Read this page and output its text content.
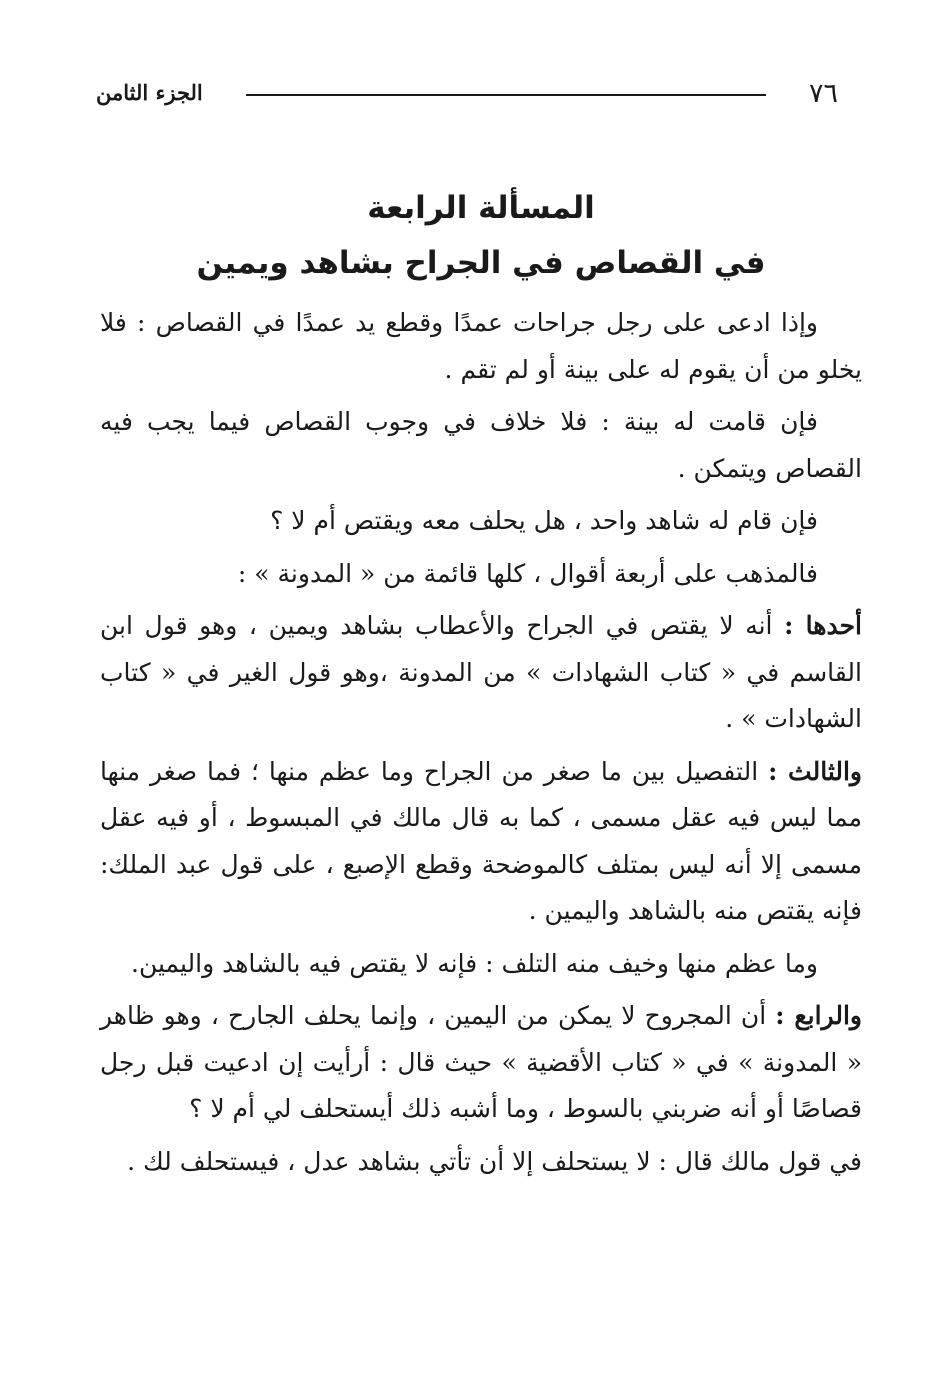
٧٦
الجزء الثامن
المسألة الرابعة
في القصاص في الجراح بشاهد ويمين

وإذا ادعى على رجل جراحات عمدًا وقطع يد عمدًا في القصاص : فلا يخلو من أن يقوم له على بينة أو لم تقم .

فإن قامت له بينة : فلا خلاف في وجوب القصاص فيما يجب فيه القصاص ويتمكن .

فإن قام له شاهد واحد ، هل يحلف معه ويقتص أم لا ؟

فالمذهب على أربعة أقوال ، كلها قائمة من « المدونة » :

أحدها : أنه لا يقتص في الجراح والأعطاب بشاهد ويمين ، وهو قول ابن القاسم في « كتاب الشهادات » من المدونة ،وهو قول الغير في « كتاب الشهادات » .

والثالث : التفصيل بين ما صغر من الجراح وما عظم منها ؛ فما صغر منها مما ليس فيه عقل مسمى ، كما به قال مالك في المبسوط ، أو فيه عقل مسمى إلا أنه ليس بمتلف كالموضحة وقطع الإصبع ، على قول عبد الملك: فإنه يقتص منه بالشاهد واليمين .

وما عظم منها وخيف منه التلف : فإنه لا يقتص فيه بالشاهد واليمين.

والرابع : أن المجروح لا يمكن من اليمين ، وإنما يحلف الجارح ، وهو ظاهر « المدونة » في « كتاب الأقضية » حيث قال : أرأيت إن ادعيت قبل رجل قصاصًا أو أنه ضربني بالسوط ، وما أشبه ذلك أيستحلف لي أم لا ؟

في قول مالك قال : لا يستحلف إلا أن تأتي بشاهد عدل ، فيستحلف لك .
